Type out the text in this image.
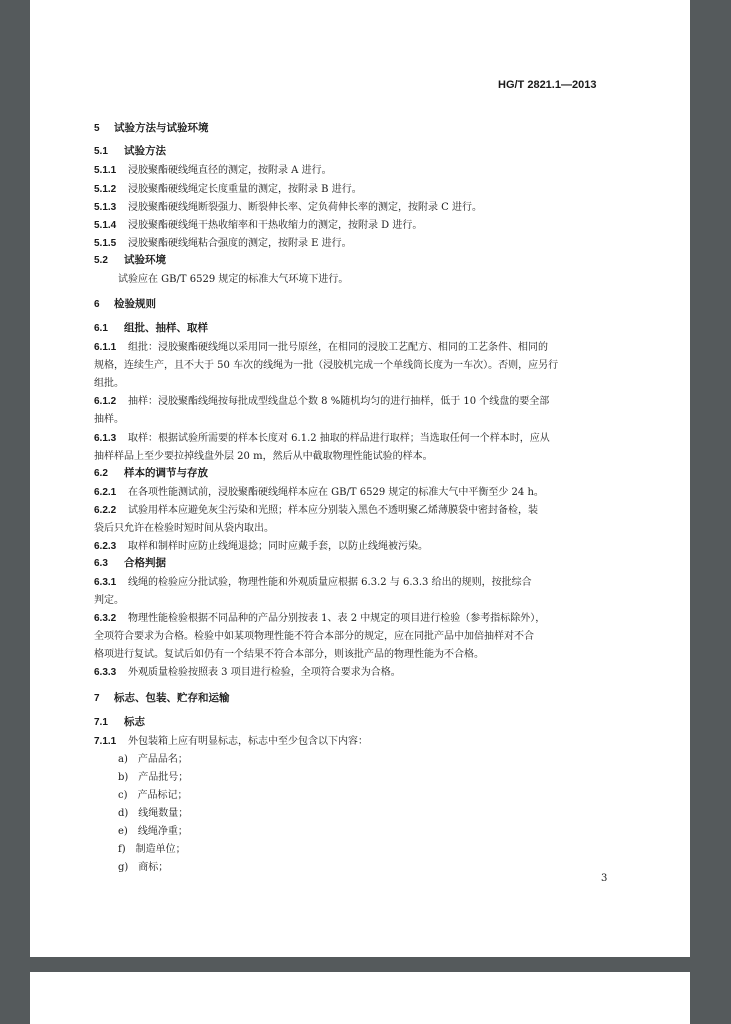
HG/T 2821.1—2013
5 试验方法与试验环境
5.1 试验方法
5.1.1 浸胶聚酯硬线绳直径的测定，按附录 A 进行。
5.1.2 浸胶聚酯硬线绳定长度重量的测定，按附录 B 进行。
5.1.3 浸胶聚酯硬线绳断裂强力、断裂伸长率、定负荷伸长率的测定，按附录 C 进行。
5.1.4 浸胶聚酯硬线绳干热收缩率和干热收缩力的测定，按附录 D 进行。
5.1.5 浸胶聚酯硬线绳粘合强度的测定，按附录 E 进行。
5.2 试验环境
试验应在 GB/T 6529 规定的标准大气环境下进行。
6 检验规则
6.1 组批、抽样、取样
6.1.1 组批：浸胶聚酯硬线绳以采用同一批号原丝，在相同的浸胶工艺配方、相同的工艺条件、相同的
规格，连续生产，且不大于 50 车次的线绳为一批（浸胶机完成一个单线筒长度为一车次）。否则，应另行
组批。
6.1.2 抽样：浸胶聚酯线绳按每批成型线盘总个数 8 %随机均匀的进行抽样，低于 10 个线盘的要全部
抽样。
6.1.3 取样：根据试验所需要的样本长度对 6.1.2 抽取的样品进行取样；当选取任何一个样本时，应从
抽样样品上至少要拉掉线盘外层 20 m，然后从中截取物理性能试验的样本。
6.2 样本的调节与存放
6.2.1 在各项性能测试前，浸胶聚酯硬线绳样本应在 GB/T 6529 规定的标准大气中平衡至少 24 h。
6.2.2 试验用样本应避免灰尘污染和光照；样本应分别装入黑色不透明聚乙烯薄膜袋中密封备检，装
袋后只允许在检验时短时间从袋内取出。
6.2.3 取样和制样时应防止线绳退捻；同时应戴手套，以防止线绳被污染。
6.3 合格判据
6.3.1 线绳的检验应分批试验，物理性能和外观质量应根据 6.3.2 与 6.3.3 给出的规则，按批综合
判定。
6.3.2 物理性能检验根据不同品种的产品分别按表 1、表 2 中规定的项目进行检验（参考指标除外），
全项符合要求为合格。检验中如某项物理性能不符合本部分的规定，应在同批产品中加倍抽样对不合
格项进行复试。复试后如仍有一个结果不符合本部分，则该批产品的物理性能为不合格。
6.3.3 外观质量检验按照表 3 项目进行检验，全项符合要求为合格。
7 标志、包装、贮存和运输
7.1 标志
7.1.1 外包装箱上应有明显标志，标志中至少包含以下内容：
a)　产品品名；
b)　产品批号；
c)　产品标记；
d)　线绳数量；
e)　线绳净重；
f)　制造单位；
g)　商标；
3
